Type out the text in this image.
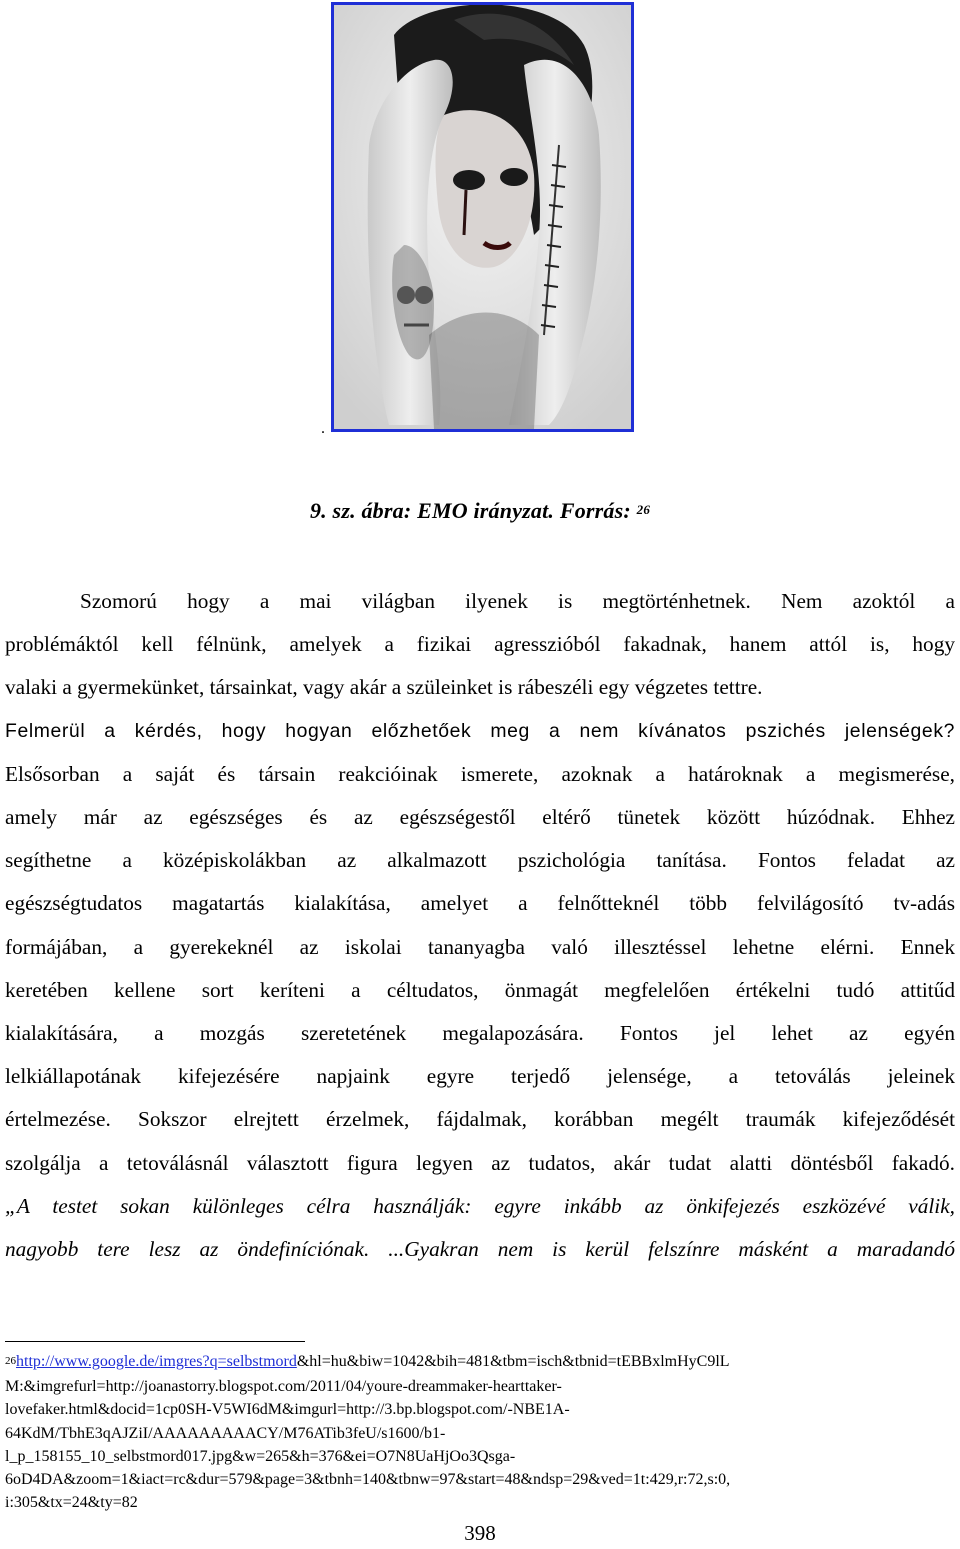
.
9. sz. ábra: EMO irányzat. Forrás: $^{26}$
Szomorú hogy a mai világban ilyenek is megtörténhetnek. Nem azoktól a
problémáktól kell félnünk, amelyek a fizikai agresszióból fakadnak, hanem attól is, hogy
valaki a gyermekünket, társainkat, vagy akár a szüleinket is rábeszéli egy végzetes tettre.
Felmerül a kérdés, hogy hogyan előzhetőek meg a nem kívánatos pszichés jelenségek?
Elsősorban a saját és társain reakcióinak ismerete, azoknak a határoknak a megismerése,
amely már az egészséges és az egészségestől eltérő tünetek között húzódnak. Ehhez
segíthetne a középiskolákban az alkalmazott pszichológia tanítása. Fontos feladat az
egészségtudatos magatartás kialakítása, amelyet a felnőtteknél több felvilágosító tv-adás
formájában, a gyerekeknél az iskolai tananyagba való illesztéssel lehetne elérni. Ennek
keretében kellene sort keríteni a céltudatos, önmagát megfelelően értékelni tudó attitűd
kialakítására, a mozgás szeretetének megalapozására. Fontos jel lehet az egyén
lelkiállapotának kifejezésére napjaink egyre terjedő jelensége, a tetoválás jeleinek
értelmezése. Sokszor elrejtett érzelmek, fájdalmak, korábban megélt traumák kifejeződését
szolgálja a tetoválásnál választott figura legyen az tudatos, akár tudat alatti döntésből fakadó.
„A testet sokan különleges célra használják: egyre inkább az önkifejezés eszközévé válik,
nagyobb tere lesz az öndefiníciónak. ...Gyakran nem is kerül felszínre másként a maradandó
$^{26}$http://www.google.de/imgres?q=selbstmord&hl=hu&biw=1042&bih=481&tbm=isch&tbnid=tEBBxlmHyC9lL
M:&imgrefurl=http://joanastorry.blogspot.com/2011/04/youre-dreammaker-hearttaker-
lovefaker.html&docid=1cp0SH-V5WI6dM&imgurl=http://3.bp.blogspot.com/-NBE1A-
64KdM/TbhE3qAJZiI/AAAAAAAAACY/M76ATib3feU/s1600/b1-
l_p_158155_10_selbstmord017.jpg&w=265&h=376&ei=O7N8UaHjOo3Qsga-
6oD4DA&zoom=1&iact=rc&dur=579&page=3&tbnh=140&tbnw=97&start=48&ndsp=29&ved=1t:429,r:72,s:0,
i:305&tx=24&ty=82
398
